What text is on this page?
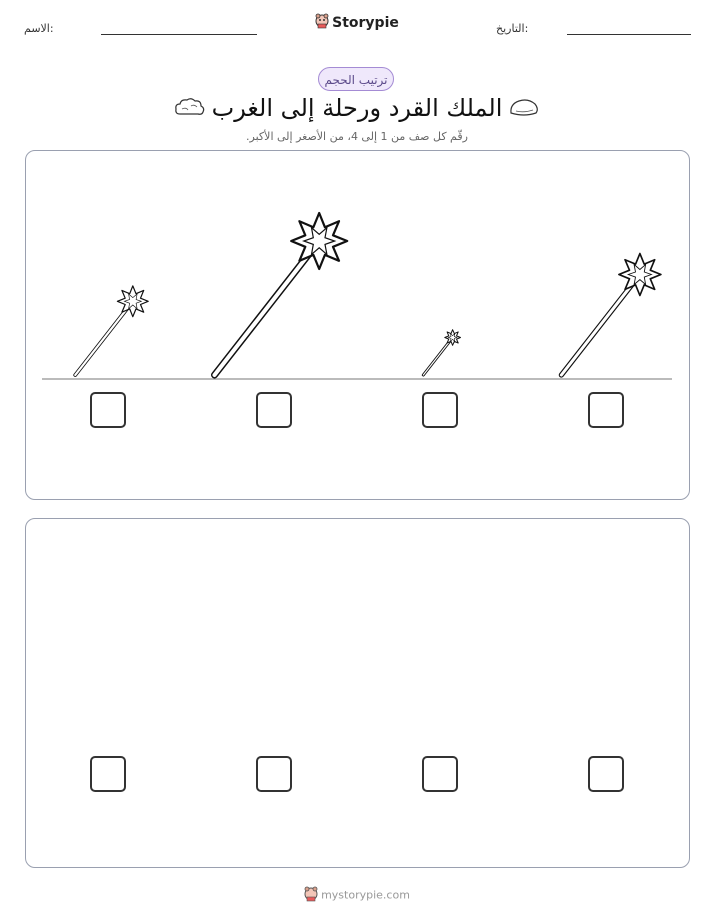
الاسم:	Storypie	التاريخ:
ترتيب الحجم
الملك القرد ورحلة إلى الغرب
رقّم كل صف من 1 إلى 4، من الأصغر إلى الأكبر.
mystorypie.com
